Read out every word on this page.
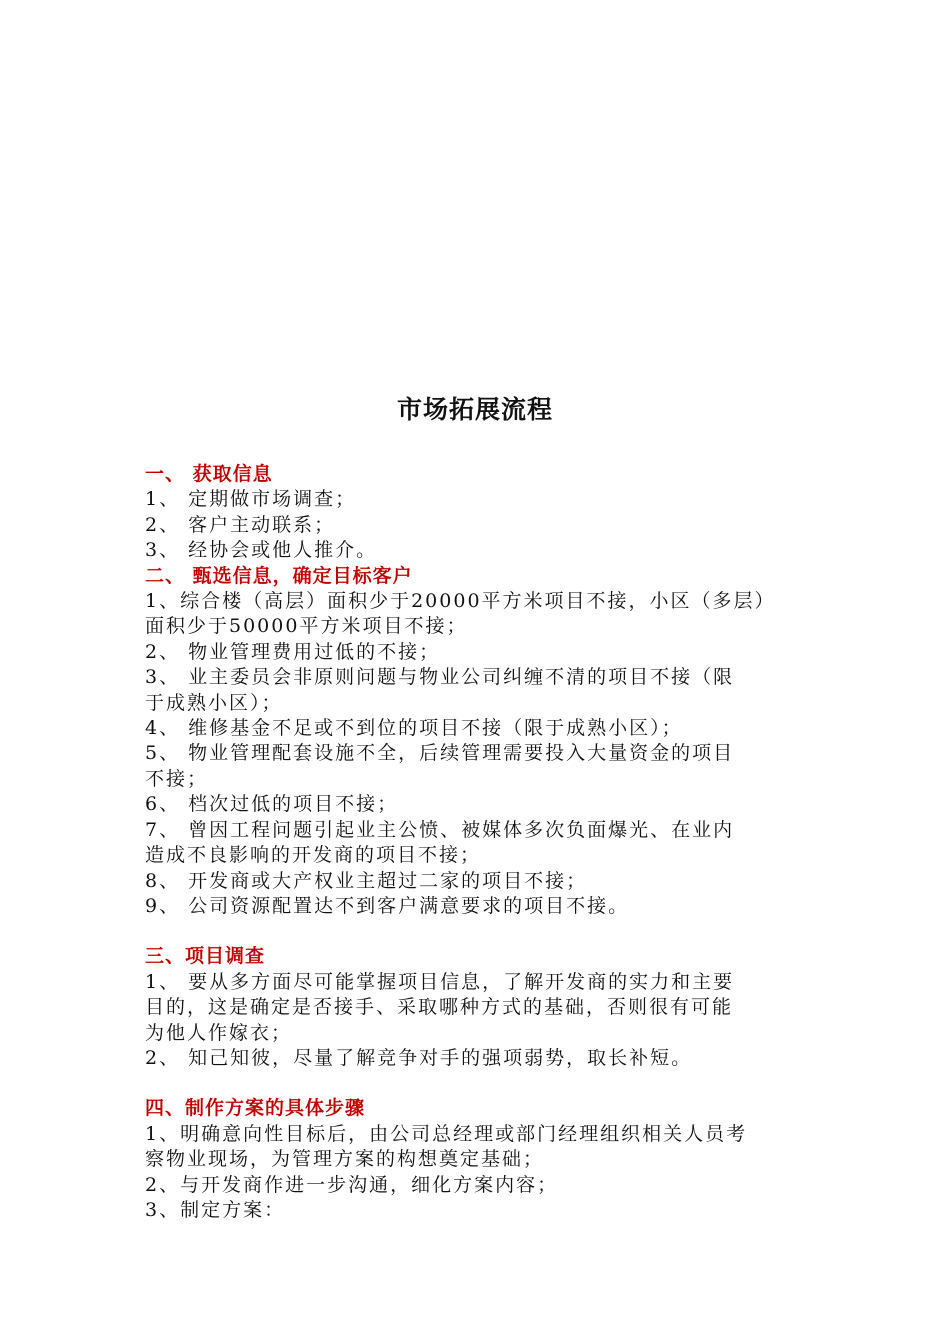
市场拓展流程

一、 获取信息

1、 定期做市场调查；

2、 客户主动联系；

3、 经协会或他人推介。

二、 甄选信息，确定目标客户

1、综合楼（高层）面积少于20000平方米项目不接，小区（多层）

面积少于50000平方米项目不接；

2、 物业管理费用过低的不接；

3、 业主委员会非原则问题与物业公司纠缠不清的项目不接（限

于成熟小区）；

4、 维修基金不足或不到位的项目不接（限于成熟小区）；

5、 物业管理配套设施不全，后续管理需要投入大量资金的项目

不接；

6、 档次过低的项目不接；

7、 曾因工程问题引起业主公愤、被媒体多次负面爆光、在业内

造成不良影响的开发商的项目不接；

8、 开发商或大产权业主超过二家的项目不接；

9、 公司资源配置达不到客户满意要求的项目不接。

三、项目调查

1、 要从多方面尽可能掌握项目信息，了解开发商的实力和主要

目的，这是确定是否接手、采取哪种方式的基础，否则很有可能

为他人作嫁衣；

2、 知己知彼，尽量了解竞争对手的强项弱势，取长补短。

四、制作方案的具体步骤

1、明确意向性目标后，由公司总经理或部门经理组织相关人员考

察物业现场，为管理方案的构想奠定基础；

2、与开发商作进一步沟通，细化方案内容；

3、制定方案：
